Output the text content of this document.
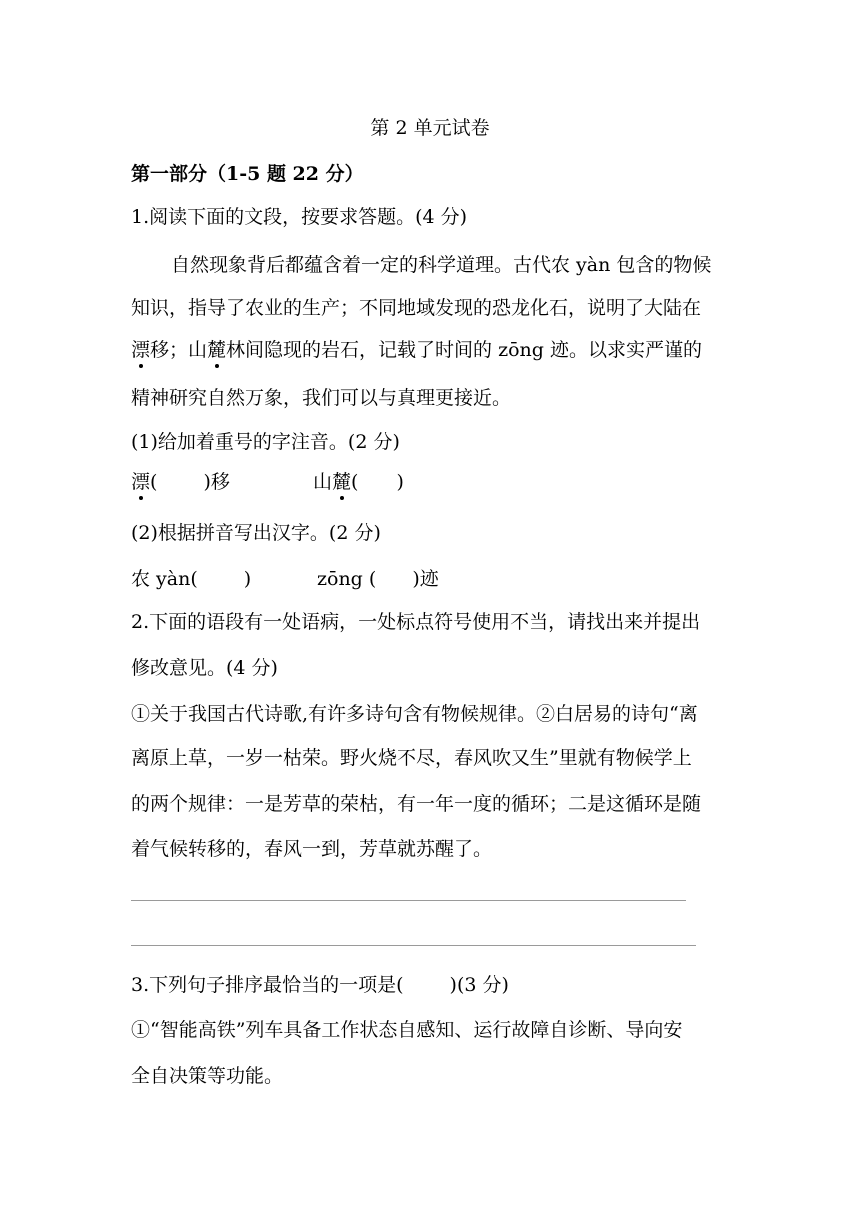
第 2 单元试卷
第一部分（1-5 题 22 分）
1.阅读下面的文段，按要求答题。(4 分)
自然现象背后都蕴含着一定的科学道理。古代农 yàn 包含的物候
知识，指导了农业的生产；不同地域发现的恐龙化石，说明了大陆在
漂移；山麓林间隐现的岩石，记载了时间的 zōng 迹。以求实严谨的
精神研究自然万象，我们可以与真理更接近。
(1)给加着重号的字注音。(2 分)
漂( )移	山麓( )
(2)根据拼音写出汉字。(2 分)
农 yàn( )	zōng ( )迹
2.下面的语段有一处语病，一处标点符号使用不当，请找出来并提出
修改意见。(4 分)
①关于我国古代诗歌,有许多诗句含有物候规律。②白居易的诗句“离
离原上草，一岁一枯荣。野火烧不尽，春风吹又生”里就有物候学上
的两个规律：一是芳草的荣枯，有一年一度的循环；二是这循环是随
着气候转移的，春风一到，芳草就苏醒了。
3.下列句子排序最恰当的一项是( )(3 分)
①“智能高铁”列车具备工作状态自感知、运行故障自诊断、导向安
全自决策等功能。
